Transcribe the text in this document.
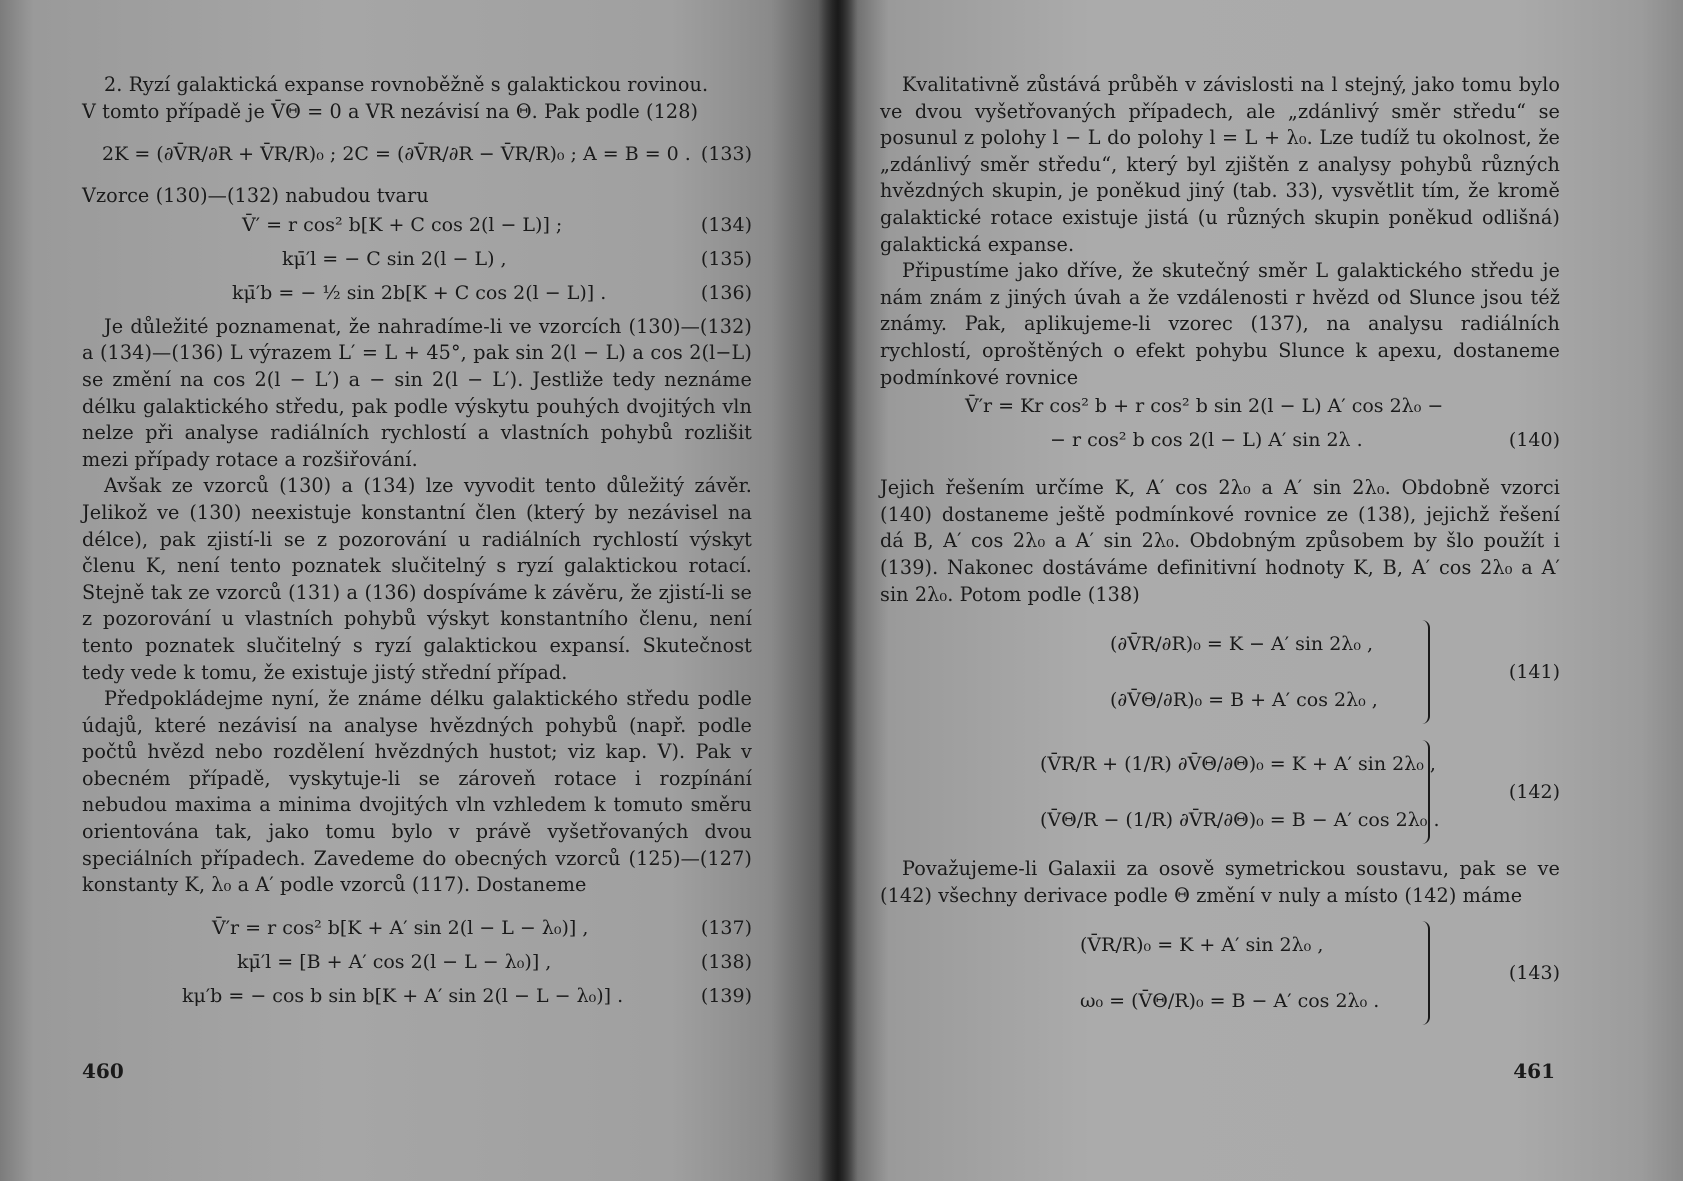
2. Ryzí galaktická expanse rovnoběžně s galaktickou rovinou.

V tomto případě je V̄Θ = 0 a VR nezávisí na Θ. Pak podle (128)

2K = (∂V̄R/∂R + V̄R/R)₀ ; 2C = (∂V̄R/∂R − V̄R/R)₀ ; A = B = 0 . (133)

Vzorce (130)—(132) nabudou tvaru

V̄′ = r cos² b[K + C cos 2(l − L)] ;	(134)
kμ̄′l = − C sin 2(l − L) ,	(135)
kμ̄′b = − ½ sin 2b[K + C cos 2(l − L)] .	(136)

Je důležité poznamenat, že nahradíme-li ve vzorcích (130)—(132) a (134)—(136) L výrazem L′ = L + 45°, pak sin 2(l − L) a cos 2(l−L) se změní na cos 2(l − L′) a − sin 2(l − L′). Jestliže tedy neznáme délku galaktického středu, pak podle výskytu pouhých dvojitých vln nelze při analyse radiálních rychlostí a vlastních pohybů rozlišit mezi případy rotace a rozšiřování.

Avšak ze vzorců (130) a (134) lze vyvodit tento důležitý závěr. Jelikož ve (130) neexistuje konstantní člen (který by nezávisel na délce), pak zjistí-li se z pozorování u radiálních rychlostí výskyt členu K, není tento poznatek slučitelný s ryzí galaktickou rotací. Stejně tak ze vzorců (131) a (136) dospíváme k závěru, že zjistí-li se z pozorování u vlastních pohybů výskyt konstantního členu, není tento poznatek slučitelný s ryzí galaktickou expansí. Skutečnost tedy vede k tomu, že existuje jistý střední případ.

Předpokládejme nyní, že známe délku galaktického středu podle údajů, které nezávisí na analyse hvězdných pohybů (např. podle počtů hvězd nebo rozdělení hvězdných hustot; viz kap. V). Pak v obecném případě, vyskytuje-li se zároveň rotace i rozpínání nebudou maxima a minima dvojitých vln vzhledem k tomuto směru orientována tak, jako tomu bylo v právě vyšetřovaných dvou speciálních případech. Zavedeme do obecných vzorců (125)—(127) konstanty K, λ₀ a A′ podle vzorců (117). Dostaneme

V̄′r = r cos² b[K + A′ sin 2(l − L − λ₀)] ,	(137)
kμ̄′l = [B + A′ cos 2(l − L − λ₀)] ,	(138)
kμ′b = − cos b sin b[K + A′ sin 2(l − L − λ₀)] .	(139)
460

Kvalitativně zůstává průběh v závislosti na l stejný, jako tomu bylo ve dvou vyšetřovaných případech, ale „zdánlivý směr středu“ se posunul z polohy l − L do polohy l = L + λ₀. Lze tudíž tu okolnost, že „zdánlivý směr středu“, který byl zjištěn z analysy pohybů různých hvězdných skupin, je poněkud jiný (tab. 33), vysvětlit tím, že kromě galaktické rotace existuje jistá (u různých skupin poněkud odlišná) galaktická expanse.

Připustíme jako dříve, že skutečný směr L galaktického středu je nám znám z jiných úvah a že vzdálenosti r hvězd od Slunce jsou též známy. Pak, aplikujeme-li vzorec (137), na analysu radiálních rychlostí, oproštěných o efekt pohybu Slunce k apexu, dostaneme podmínkové rovnice

V̄′r = Kr cos² b + r cos² b sin 2(l − L) A′ cos 2λ₀ −
− r cos² b cos 2(l − L) A′ sin 2λ .	(140)

Jejich řešením určíme K, A′ cos 2λ₀ a A′ sin 2λ₀. Obdobně vzorci (140) dostaneme ještě podmínkové rovnice ze (138), jejichž řešení dá B, A′ cos 2λ₀ a A′ sin 2λ₀. Obdobným způsobem by šlo použít i (139). Nakonec dostáváme definitivní hodnoty K, B, A′ cos 2λ₀ a A′ sin 2λ₀. Potom podle (138)

(∂V̄R/∂R)₀ = K − A′ sin 2λ₀ ,
(∂V̄Θ/∂R)₀ = B + A′ cos 2λ₀ ,
(141)
(V̄R/R + (1/R) ∂V̄Θ/∂Θ)₀ = K + A′ sin 2λ₀ ,
(V̄Θ/R − (1/R) ∂V̄R/∂Θ)₀ = B − A′ cos 2λ₀ .
(142)

Považujeme-li Galaxii za osově symetrickou soustavu, pak se ve (142) všechny derivace podle Θ změní v nuly a místo (142) máme

(V̄R/R)₀ = K + A′ sin 2λ₀ ,
ω₀ = (V̄Θ/R)₀ = B − A′ cos 2λ₀ .
(143)
461
